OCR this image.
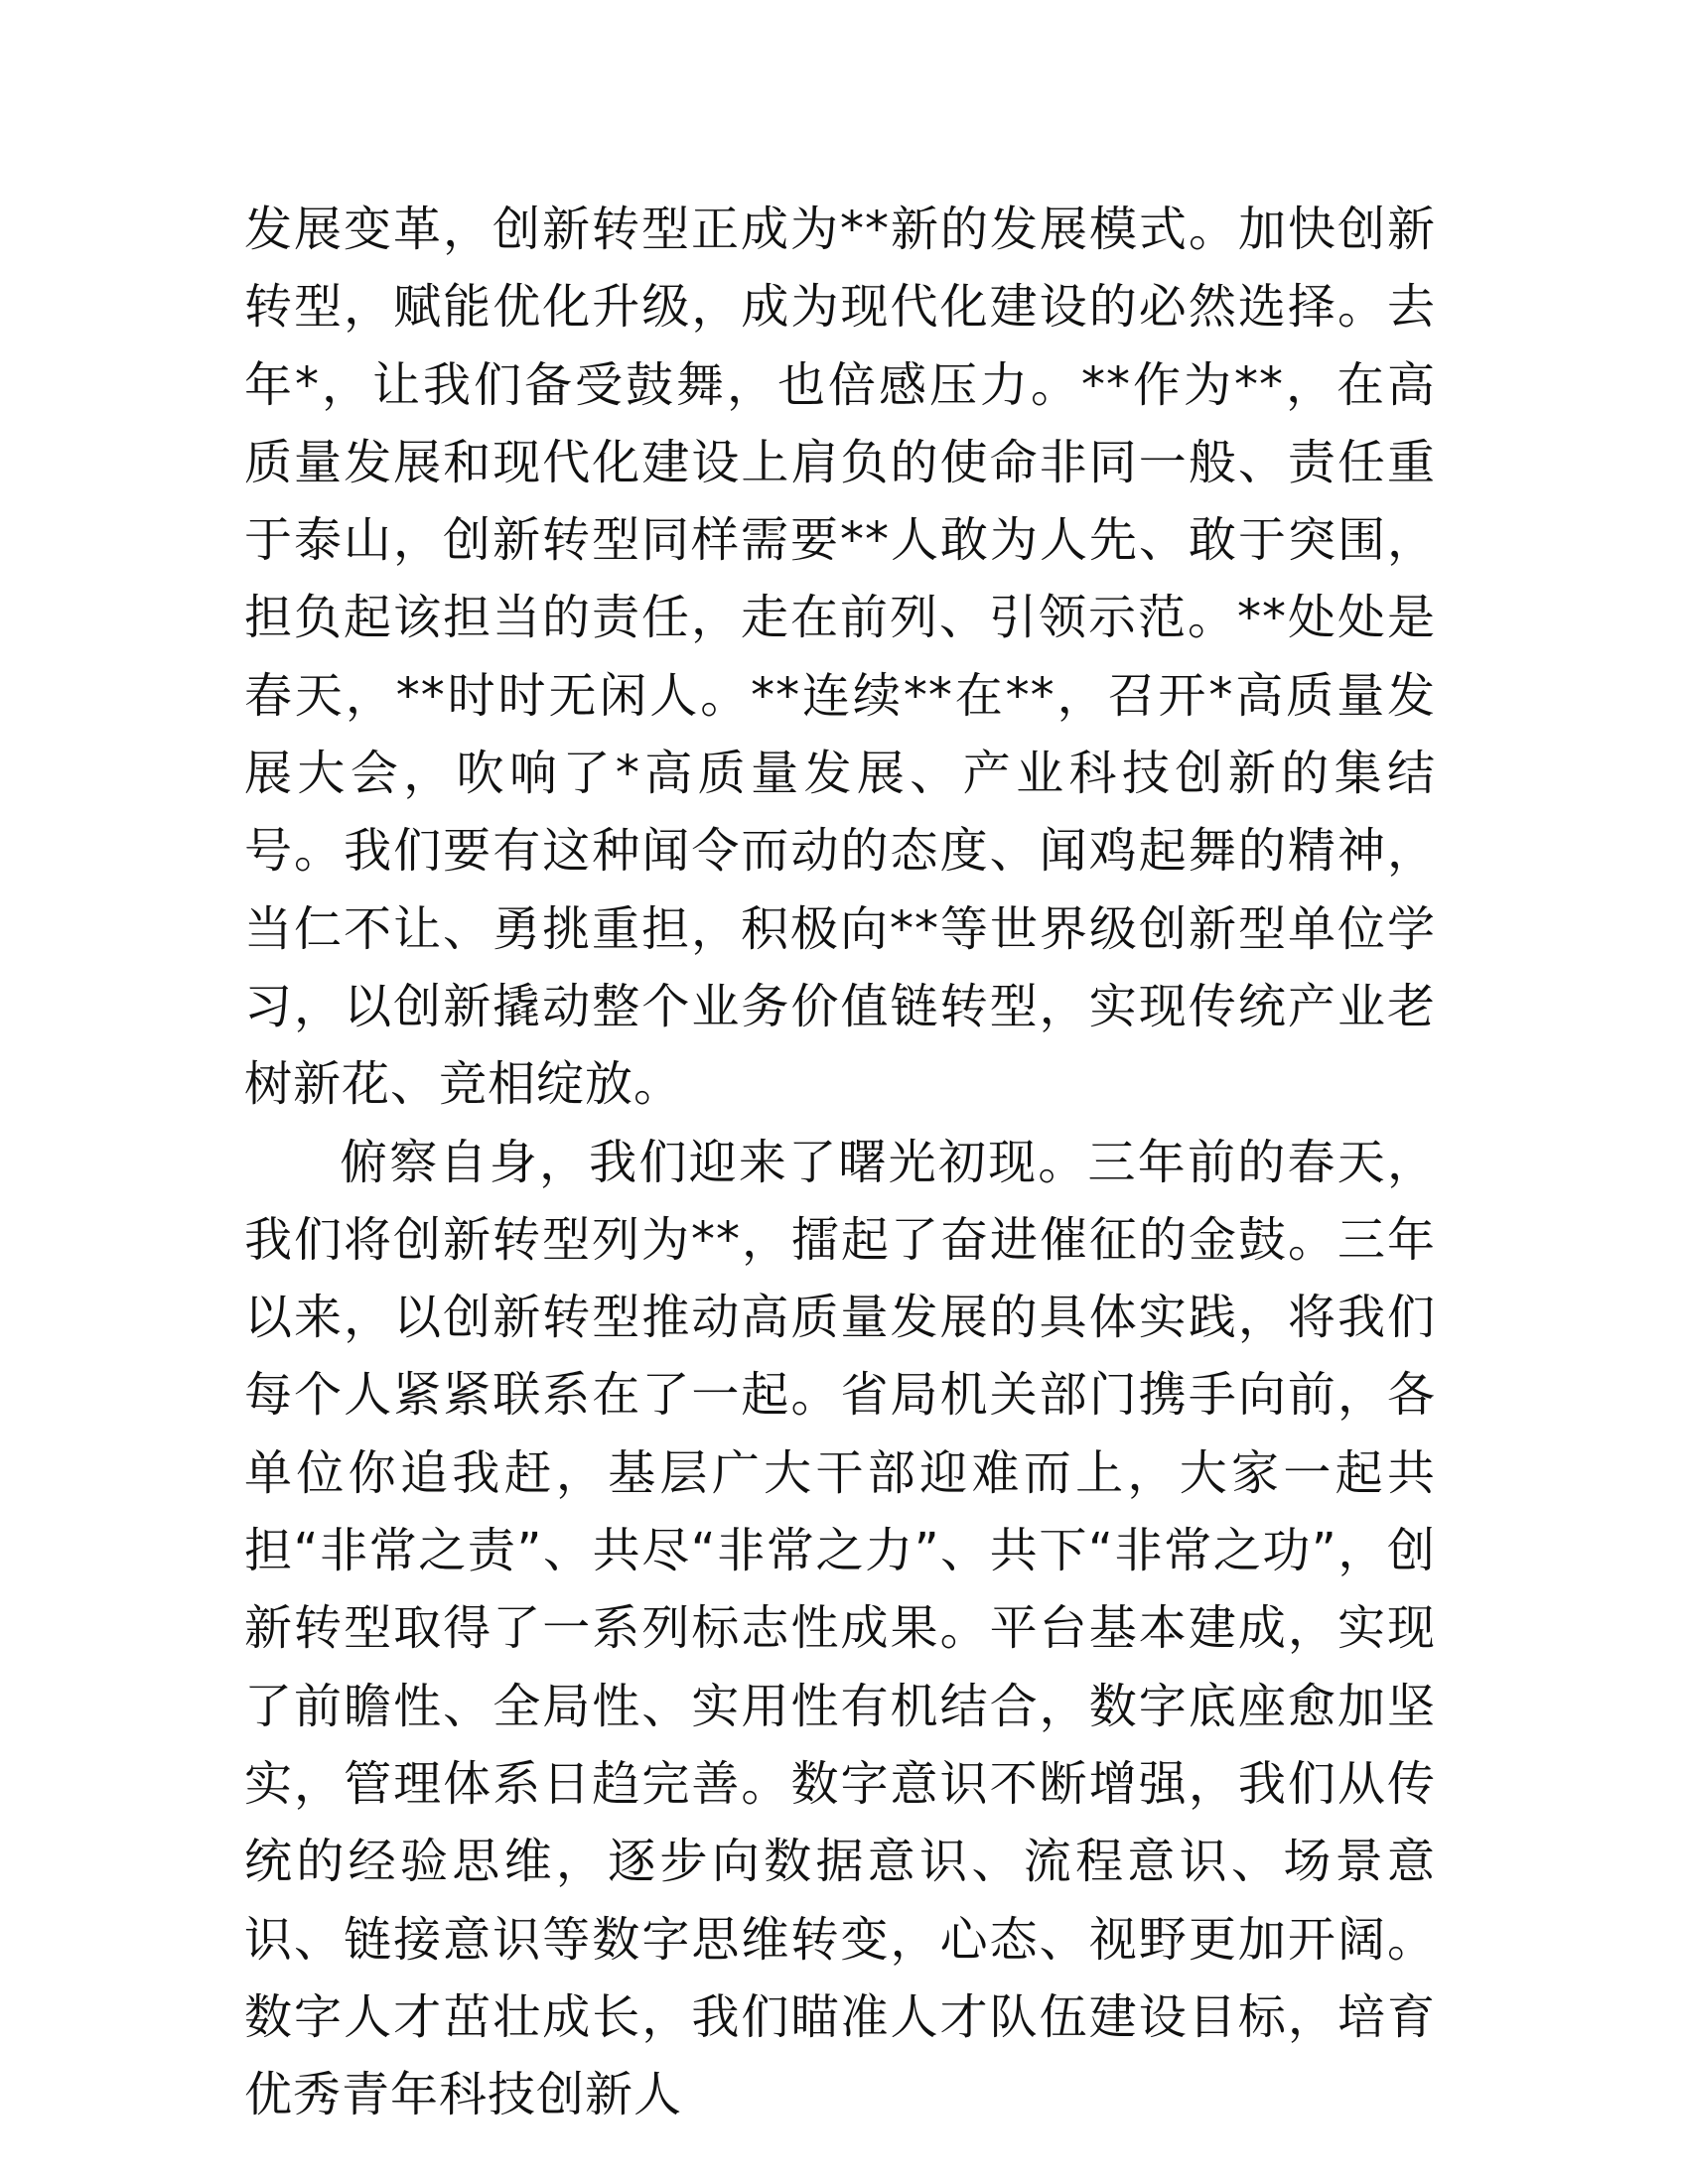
发展变革，创新转型正成为**新的发展模式。加快创新转型，赋能优化升级，成为现代化建设的必然选择。去年*，让我们备受鼓舞，也倍感压力。**作为**，在高质量发展和现代化建设上肩负的使命非同一般、责任重于泰山，创新转型同样需要**人敢为人先、敢于突围，担负起该担当的责任，走在前列、引领示范。**处处是春天，**时时无闲人。**连续**在**，召开*高质量发展大会，吹响了*高质量发展、产业科技创新的集结号。我们要有这种闻令而动的态度、闻鸡起舞的精神，当仁不让、勇挑重担，积极向**等世界级创新型单位学习，以创新撬动整个业务价值链转型，实现传统产业老树新花、竞相绽放。

俯察自身，我们迎来了曙光初现。三年前的春天，我们将创新转型列为**，擂起了奋进催征的金鼓。三年以来，以创新转型推动高质量发展的具体实践，将我们每个人紧紧联系在了一起。省局机关部门携手向前，各单位你追我赶，基层广大干部迎难而上，大家一起共担“非常之责”、共尽“非常之力”、共下“非常之功”，创新转型取得了一系列标志性成果。平台基本建成，实现了前瞻性、全局性、实用性有机结合，数字底座愈加坚实，管理体系日趋完善。数字意识不断增强，我们从传统的经验思维，逐步向数据意识、流程意识、场景意识、链接意识等数字思维转变，心态、视野更加开阔。数字人才茁壮成长，我们瞄准人才队伍建设目标，培育优秀青年科技创新人
